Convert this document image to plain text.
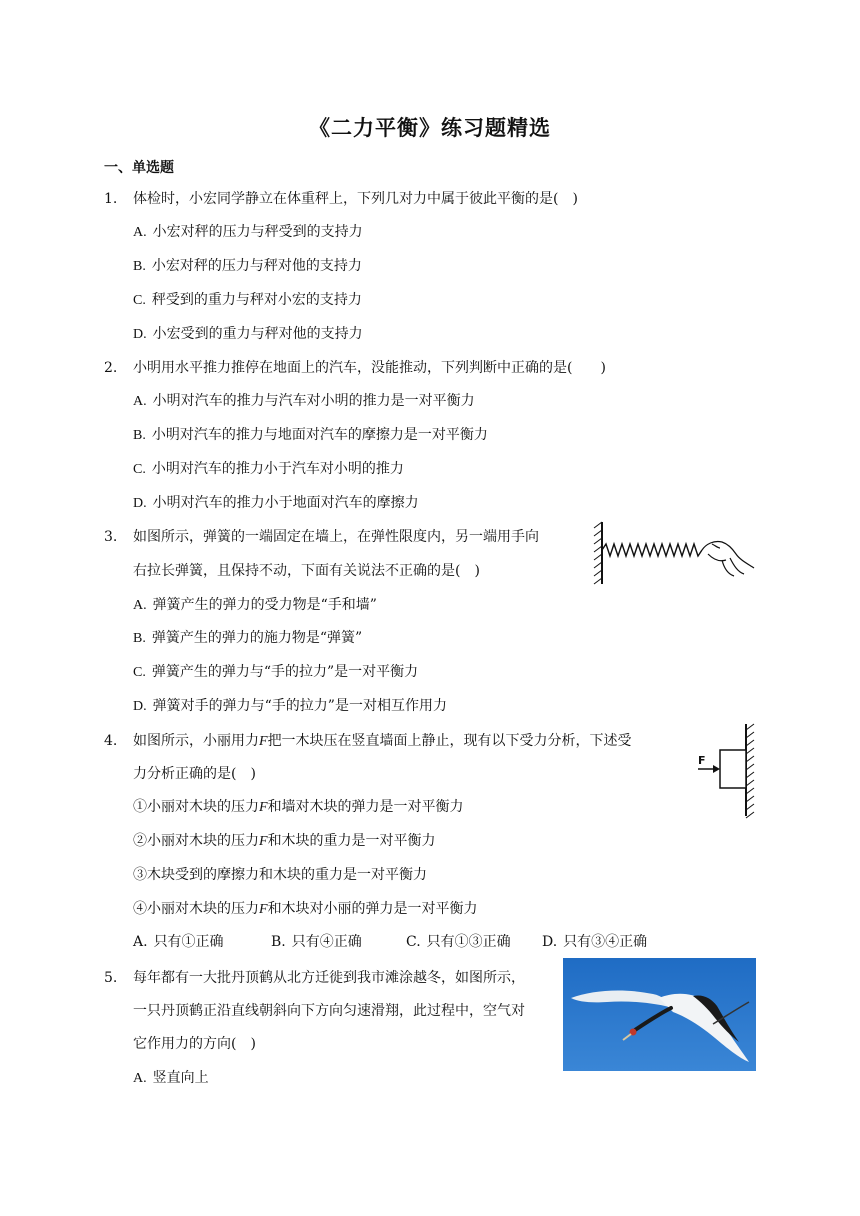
《二力平衡》练习题精选
一、单选题
1. 体检时，小宏同学静立在体重秤上，下列几对力中属于彼此平衡的是(　)
A. 小宏对秤的压力与秤受到的支持力
B. 小宏对秤的压力与秤对他的支持力
C. 秤受到的重力与秤对小宏的支持力
D. 小宏受到的重力与秤对他的支持力
2. 小明用水平推力推停在地面上的汽车，没能推动，下列判断中正确的是(　　)
A. 小明对汽车的推力与汽车对小明的推力是一对平衡力
B. 小明对汽车的推力与地面对汽车的摩擦力是一对平衡力
C. 小明对汽车的推力小于汽车对小明的推力
D. 小明对汽车的推力小于地面对汽车的摩擦力
3. 如图所示，弹簧的一端固定在墙上，在弹性限度内，另一端用手向
右拉长弹簧，且保持不动，下面有关说法不正确的是(　)
A. 弹簧产生的弹力的受力物是“手和墙”
B. 弹簧产生的弹力的施力物是“弹簧”
C. 弹簧产生的弹力与“手的拉力”是一对平衡力
D. 弹簧对手的弹力与“手的拉力”是一对相互作用力
4. 如图所示，小丽用力F把一木块压在竖直墙面上静止，现有以下受力分析，下述受
力分析正确的是(　)
①小丽对木块的压力F和墙对木块的弹力是一对平衡力
②小丽对木块的压力F和木块的重力是一对平衡力
③木块受到的摩擦力和木块的重力是一对平衡力
④小丽对木块的压力F和木块对小丽的弹力是一对平衡力
A. 只有①正确	B. 只有④正确	C. 只有①③正确 D. 只有③④正确
F
5. 每年都有一大批丹顶鹤从北方迁徙到我市滩涂越冬，如图所示，
一只丹顶鹤正沿直线朝斜向下方向匀速滑翔，此过程中，空气对
它作用力的方向(　)
A. 竖直向上
